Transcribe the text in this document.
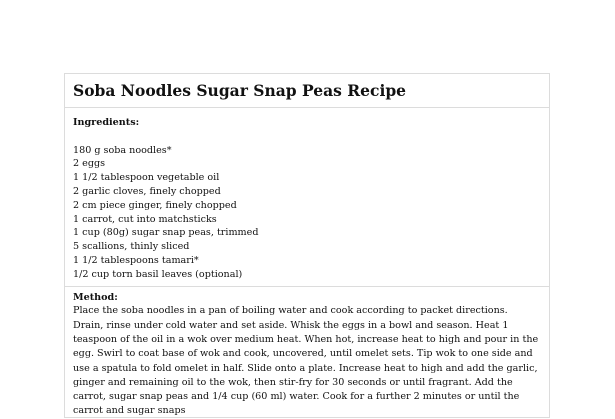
Soba Noodles Sugar Snap Peas Recipe
Ingredients:
180 g soba noodles*
2 eggs
1 1/2 tablespoon vegetable oil
2 garlic cloves, finely chopped
2 cm piece ginger, finely chopped
1 carrot, cut into matchsticks
1 cup (80g) sugar snap peas, trimmed
5 scallions, thinly sliced
1 1/2 tablespoons tamari*
1/2 cup torn basil leaves (optional)
Method:

Place the soba noodles in a pan of boiling water and cook according to packet directions. Drain, rinse under cold water and set aside. Whisk the eggs in a bowl and season. Heat 1 teaspoon of the oil in a wok over medium heat. When hot, increase heat to high and pour in the egg. Swirl to coat base of wok and cook, uncovered, until omelet sets. Tip wok to one side and use a spatula to fold omelet in half. Slide onto a plate. Increase heat to high and add the garlic, ginger and remaining oil to the wok, then stir-fry for 30 seconds or until fragrant. Add the carrot, sugar snap peas and 1/4 cup (60 ml) water. Cook for a further 2 minutes or until the carrot and sugar snaps
